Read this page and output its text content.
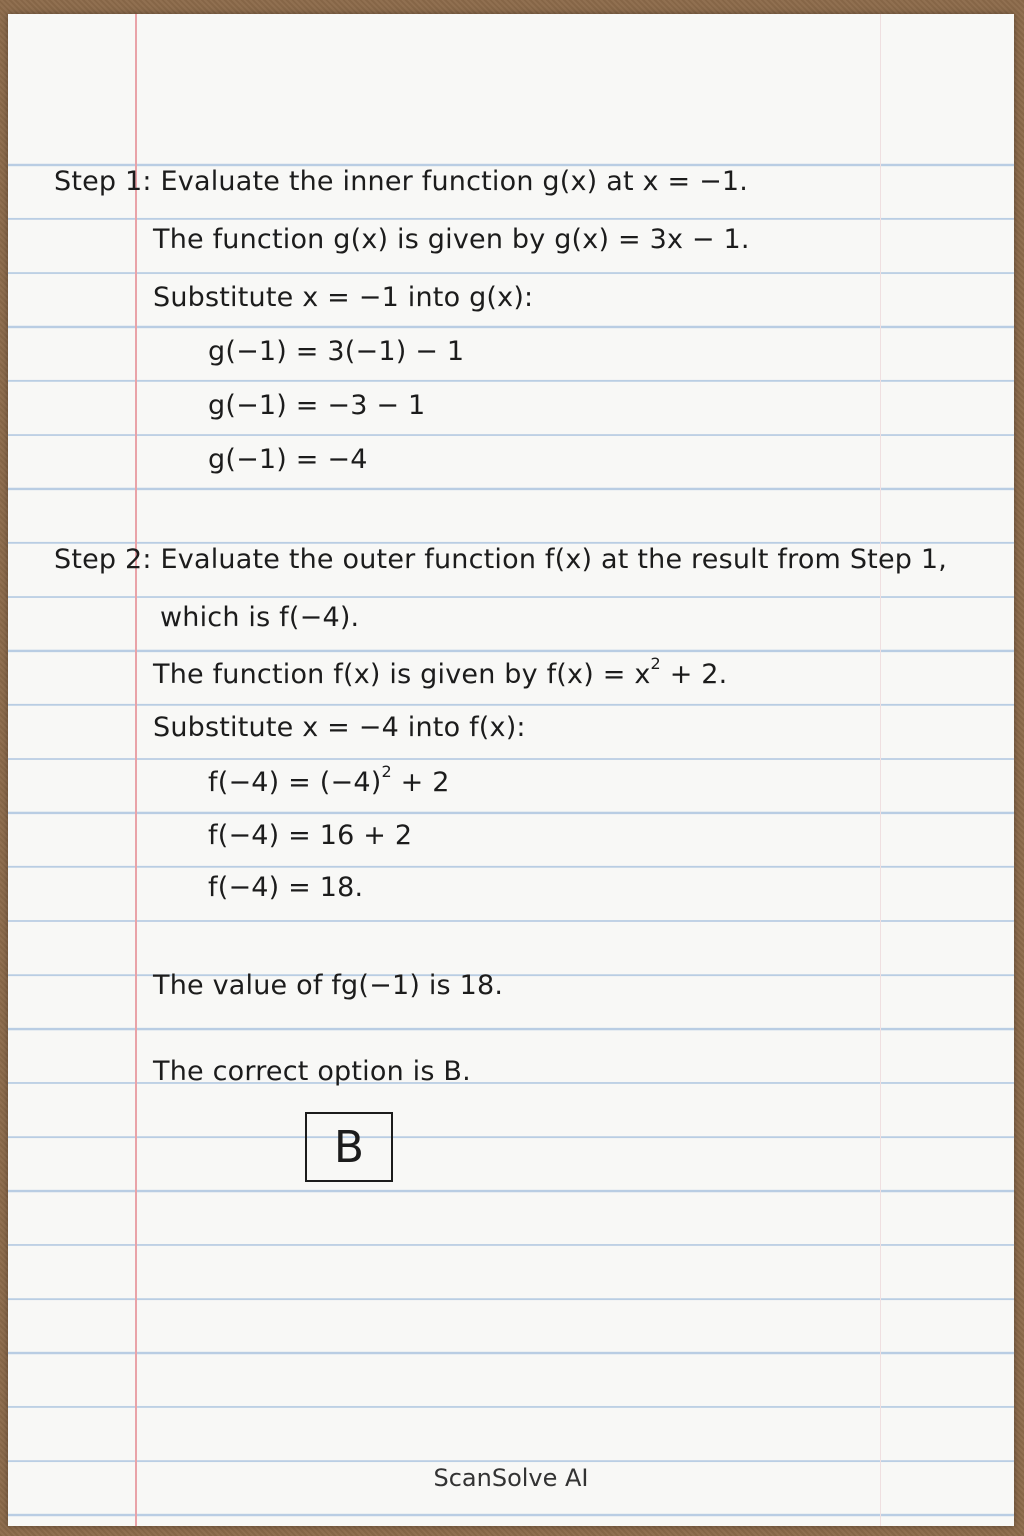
Step 1: Evaluate the inner function g(x) at x = −1.
The function g(x) is given by g(x) = 3x − 1.
Substitute x = −1 into g(x):
g(−1) = 3(−1) − 1
g(−1) = −3 − 1
g(−1) = −4
Step 2: Evaluate the outer function f(x) at the result from Step 1,
which is f(−4).
The function f(x) is given by $f(x) = x^2 + 2$.
Substitute x = −4 into f(x):
$f(-4) = (-4)^2 + 2$
f(−4) = 16 + 2
f(−4) = 18.
The value of fg(−1) is 18.
The correct option is B.
B
ScanSolve AI
